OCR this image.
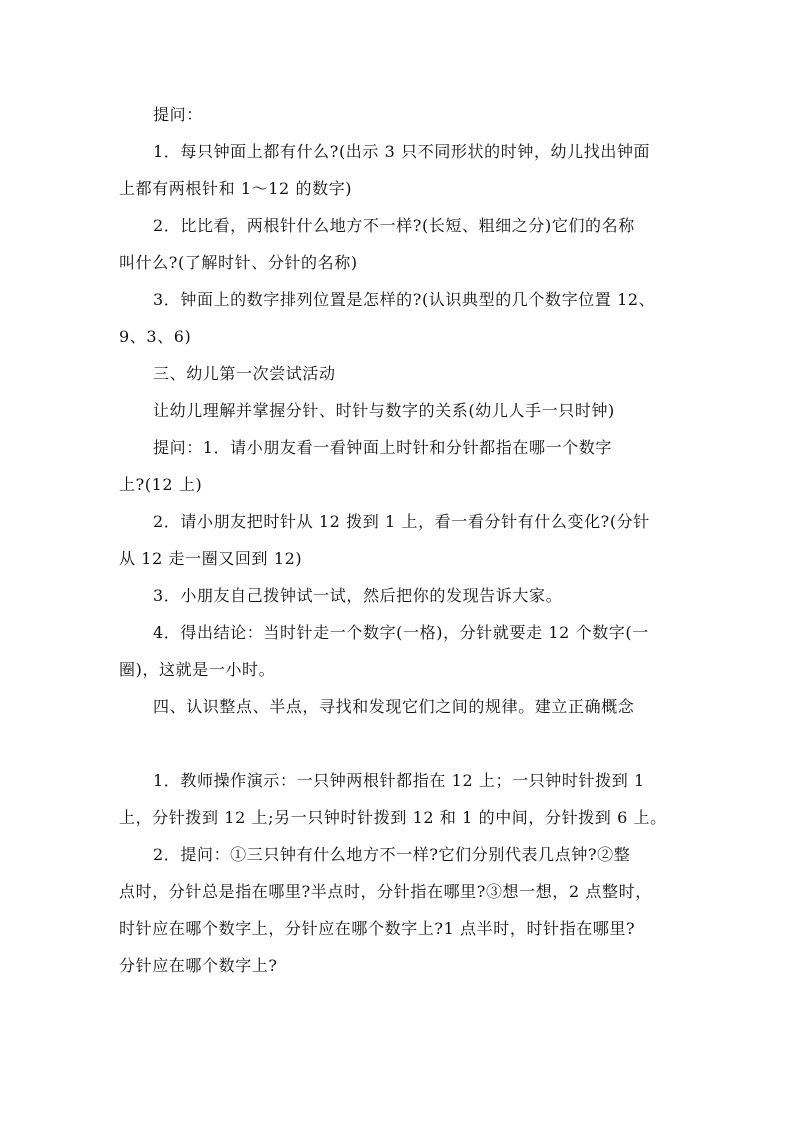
提问：
1．每只钟面上都有什么?(出示 3 只不同形状的时钟，幼儿找出钟面
上都有两根针和 1～12 的数字)
2．比比看，两根针什么地方不一样?(长短、粗细之分)它们的名称
叫什么?(了解时针、分针的名称)
3．钟面上的数字排列位置是怎样的?(认识典型的几个数字位置 12、
9、3、6)
三、幼儿第一次尝试活动
让幼儿理解并掌握分针、时针与数字的关系(幼儿人手一只时钟)
提问：1．请小朋友看一看钟面上时针和分针都指在哪一个数字
上?(12 上)
2．请小朋友把时针从 12 拨到 1 上，看一看分针有什么变化?(分针
从 12 走一圈又回到 12)
3．小朋友自己拨钟试一试，然后把你的发现告诉大家。
4．得出结论：当时针走一个数字(一格)，分针就要走 12 个数字(一
圈)，这就是一小时。
四、认识整点、半点，寻找和发现它们之间的规律。建立正确概念
1．教师操作演示：一只钟两根针都指在 12 上；一只钟时针拨到 1
上，分针拨到 12 上;另一只钟时针拨到 12 和 1 的中间，分针拨到 6 上。
2．提问：①三只钟有什么地方不一样?它们分别代表几点钟?②整
点时，分针总是指在哪里?半点时，分针指在哪里?③想一想，2 点整时，
时针应在哪个数字上，分针应在哪个数字上?1 点半时，时针指在哪里?
分针应在哪个数字上?
